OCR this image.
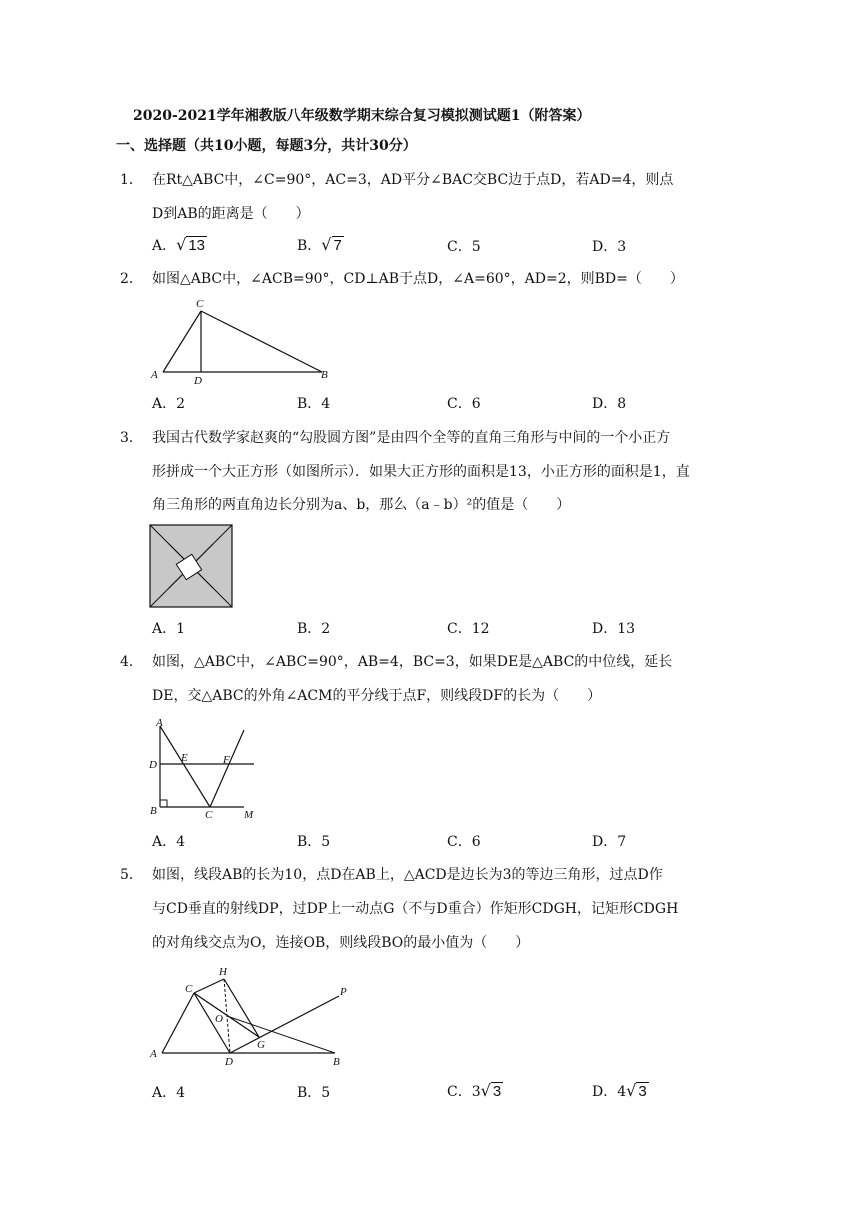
2020-2021学年湘教版八年级数学期末综合复习模拟测试题1（附答案）
一、选择题（共10小题，每题3分，共计30分）
1． 在Rt△ABC中，∠C=90°，AC=3，AD平分∠BAC交BC边于点D，若AD=4，则点
D到AB的距离是（　　）
A．√ 13	B．√ 7	C．5	D．3
2． 如图△ABC中，∠ACB=90°，CD⊥AB于点D，∠A=60°，AD=2，则BD=（　　）
A
C
D	B
A．2	B．4	C．6	D．8
3． 我国古代数学家赵爽的“勾股圆方图”是由四个全等的直角三角形与中间的一个小正方
形拼成一个大正方形（如图所示）．如果大正方形的面积是13，小正方形的面积是1，直
角三角形的两直角边长分别为a、b，那么（a﹣b）²的值是（　　）
A．1	B．2	C．12	D．13
4． 如图，△ABC中，∠ABC=90°，AB=4，BC=3，如果DE是△ABC的中位线，延长
DE，交△ABC的外角∠ACM的平分线于点F，则线段DF的长为（　　）
A
D
E	F
B	C	M
A．4	B．5	C．6	D．7
5． 如图，线段AB的长为10，点D在AB上，△ACD是边长为3的等边三角形，过点D作
与CD垂直的射线DP，过DP上一动点G（不与D重合）作矩形CDGH，记矩形CDGH
的对角线交点为O，连接OB，则线段BO的最小值为（　　）
A
C
H
O
G
D	B
P
A．4	B．5	C．3√ 3	D．4√ 3
